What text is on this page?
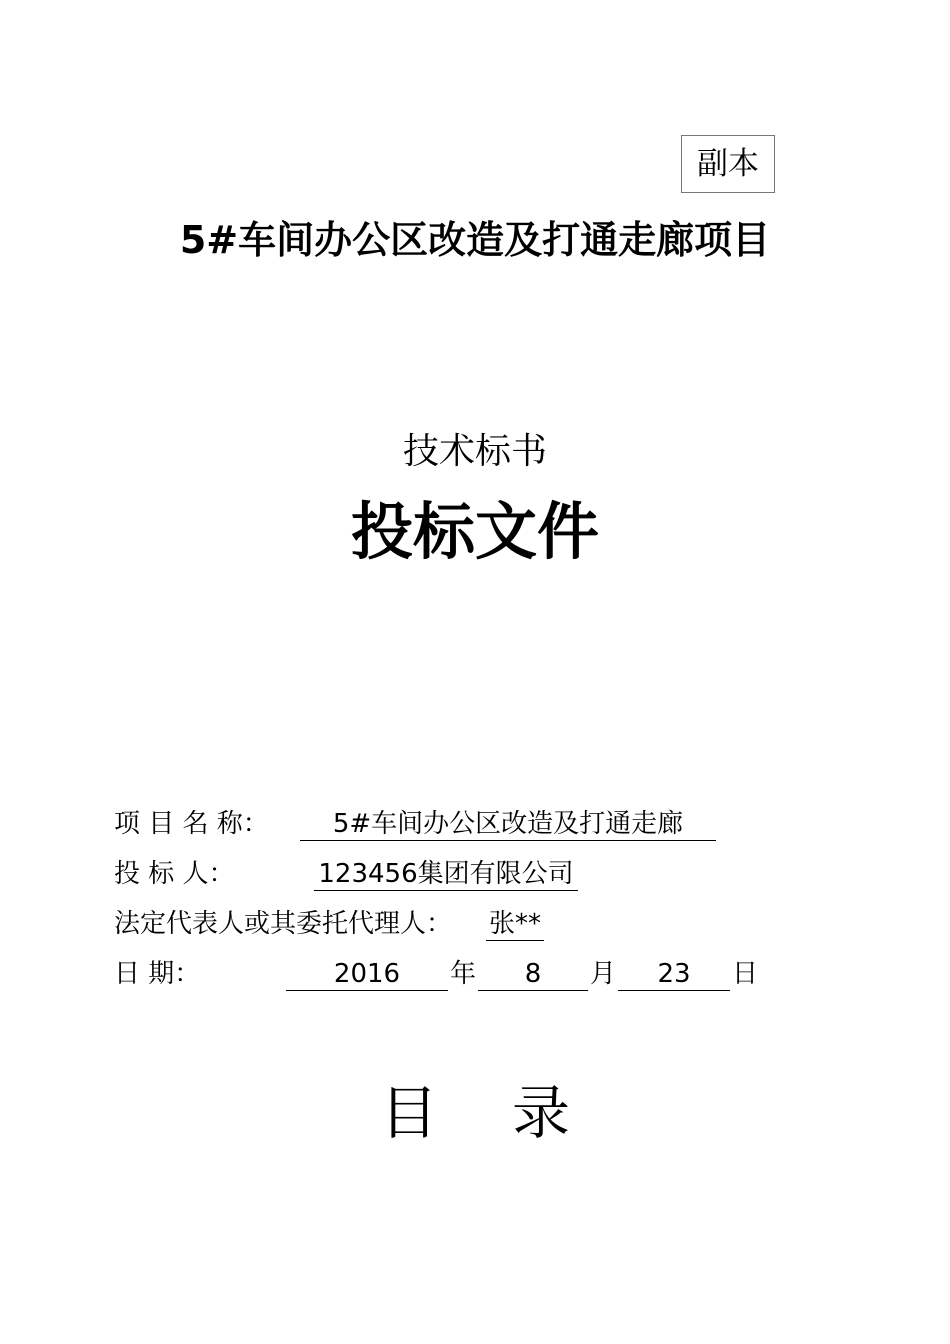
副本
5#车间办公区改造及打通走廊项目
技术标书
投标文件
项 目 名 称：	5#车间办公区改造及打通走廊
投 标 人：	123456集团有限公司
法定代表人或其委托代理人： 张**
日 期：	2016	年	8	月	23	日
目 录
